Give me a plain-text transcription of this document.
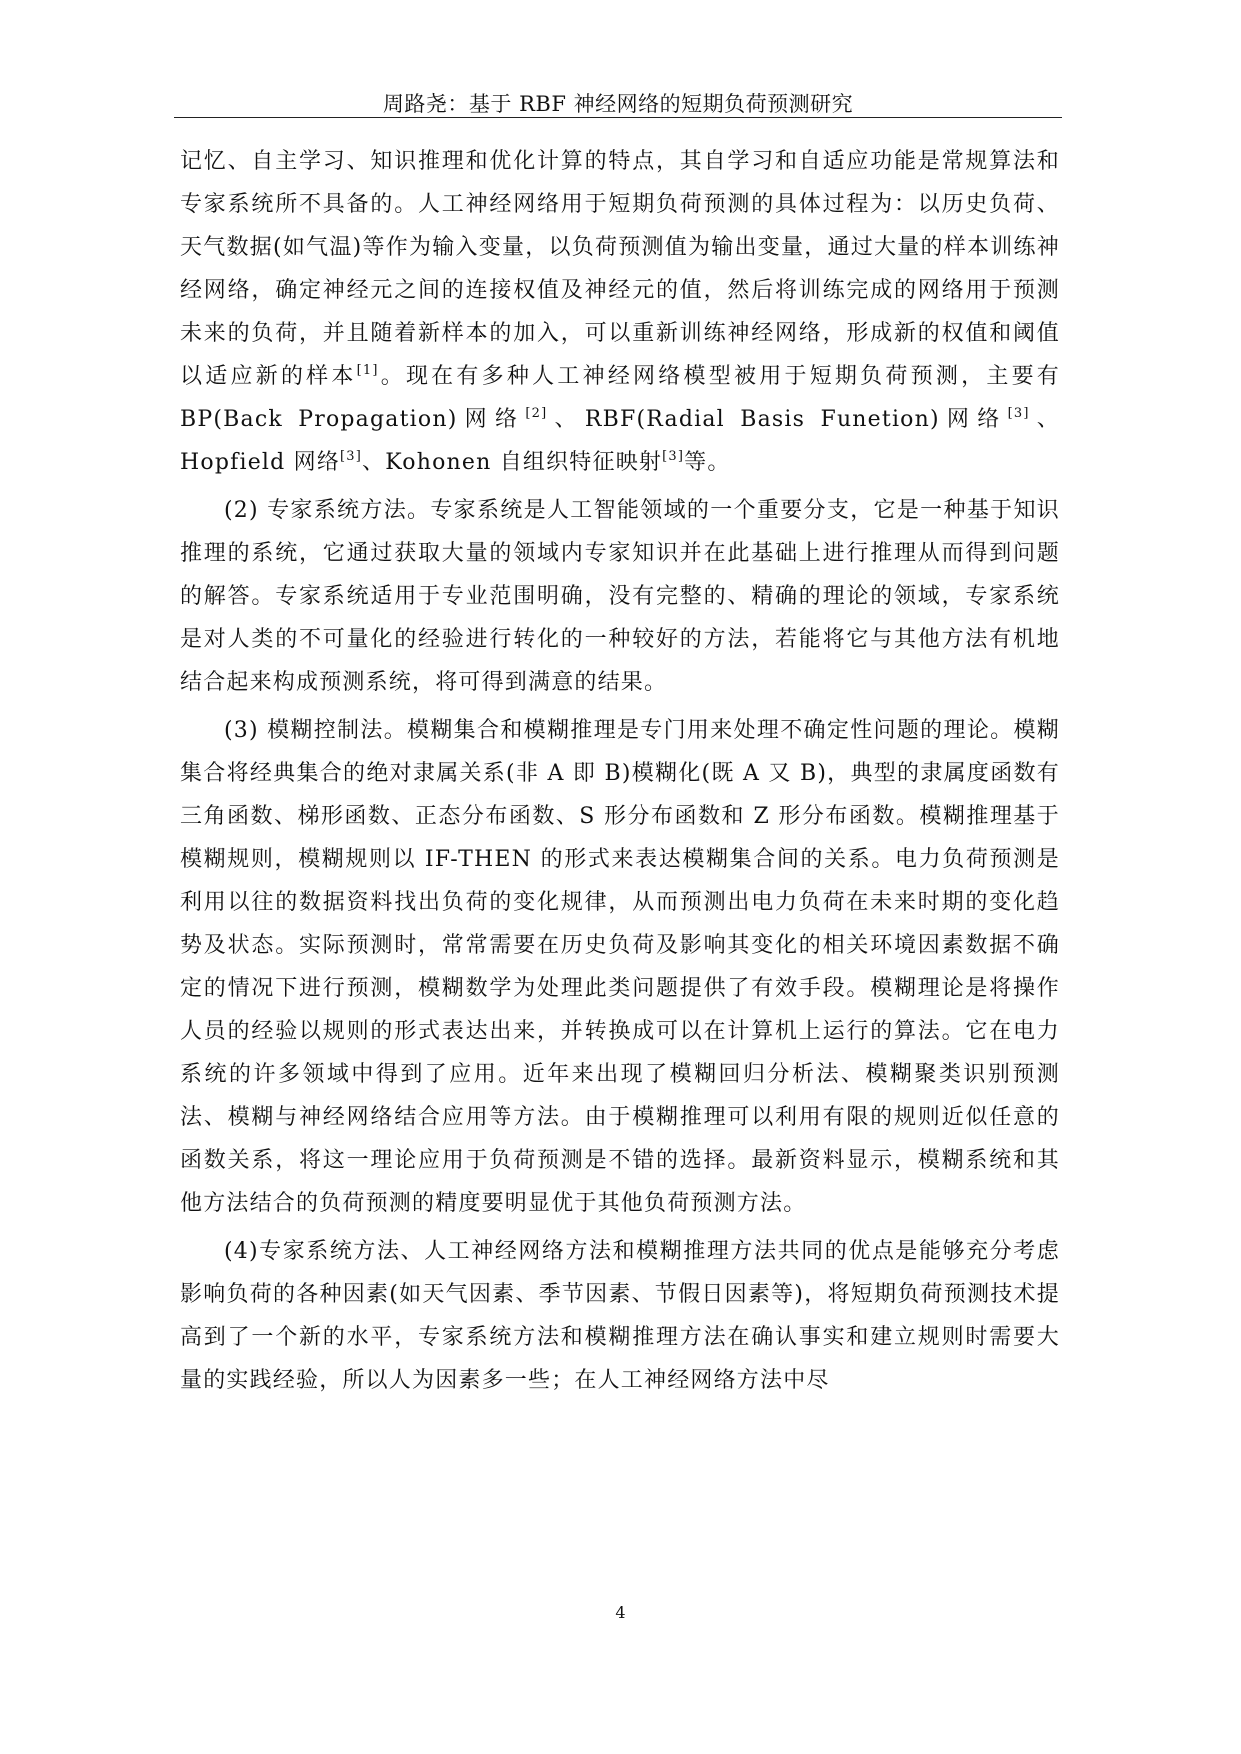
周路尧：基于 RBF 神经网络的短期负荷预测研究

记忆、自主学习、知识推理和优化计算的特点，其自学习和自适应功能是常规算法和专家系统所不具备的。人工神经网络用于短期负荷预测的具体过程为：以历史负荷、天气数据(如气温)等作为输入变量，以负荷预测值为输出变量，通过大量的样本训练神经网络，确定神经元之间的连接权值及神经元的值，然后将训练完成的网络用于预测未来的负荷，并且随着新样本的加入，可以重新训练神经网络，形成新的权值和阈值以适应新的样本[1]。现在有多种人工神经网络模型被用于短期负荷预测，主要有 BP(Back Propagation)网络[2]、RBF(Radial Basis Funetion)网络[3]、Hopfield 网络[3]、Kohonen 自组织特征映射[3]等。

(2) 专家系统方法。专家系统是人工智能领域的一个重要分支，它是一种基于知识推理的系统，它通过获取大量的领域内专家知识并在此基础上进行推理从而得到问题的解答。专家系统适用于专业范围明确，没有完整的、精确的理论的领域，专家系统是对人类的不可量化的经验进行转化的一种较好的方法，若能将它与其他方法有机地结合起来构成预测系统，将可得到满意的结果。

(3) 模糊控制法。模糊集合和模糊推理是专门用来处理不确定性问题的理论。模糊集合将经典集合的绝对隶属关系(非 A 即 B)模糊化(既 A 又 B)，典型的隶属度函数有三角函数、梯形函数、正态分布函数、S 形分布函数和 Z 形分布函数。模糊推理基于模糊规则，模糊规则以 IF-THEN 的形式来表达模糊集合间的关系。电力负荷预测是利用以往的数据资料找出负荷的变化规律，从而预测出电力负荷在未来时期的变化趋势及状态。实际预测时，常常需要在历史负荷及影响其变化的相关环境因素数据不确定的情况下进行预测，模糊数学为处理此类问题提供了有效手段。模糊理论是将操作人员的经验以规则的形式表达出来，并转换成可以在计算机上运行的算法。它在电力系统的许多领域中得到了应用。近年来出现了模糊回归分析法、模糊聚类识别预测法、模糊与神经网络结合应用等方法。由于模糊推理可以利用有限的规则近似任意的函数关系，将这一理论应用于负荷预测是不错的选择。最新资料显示，模糊系统和其他方法结合的负荷预测的精度要明显优于其他负荷预测方法。

(4)专家系统方法、人工神经网络方法和模糊推理方法共同的优点是能够充分考虑影响负荷的各种因素(如天气因素、季节因素、节假日因素等)，将短期负荷预测技术提高到了一个新的水平，专家系统方法和模糊推理方法在确认事实和建立规则时需要大量的实践经验，所以人为因素多一些；在人工神经网络方法中尽

4
